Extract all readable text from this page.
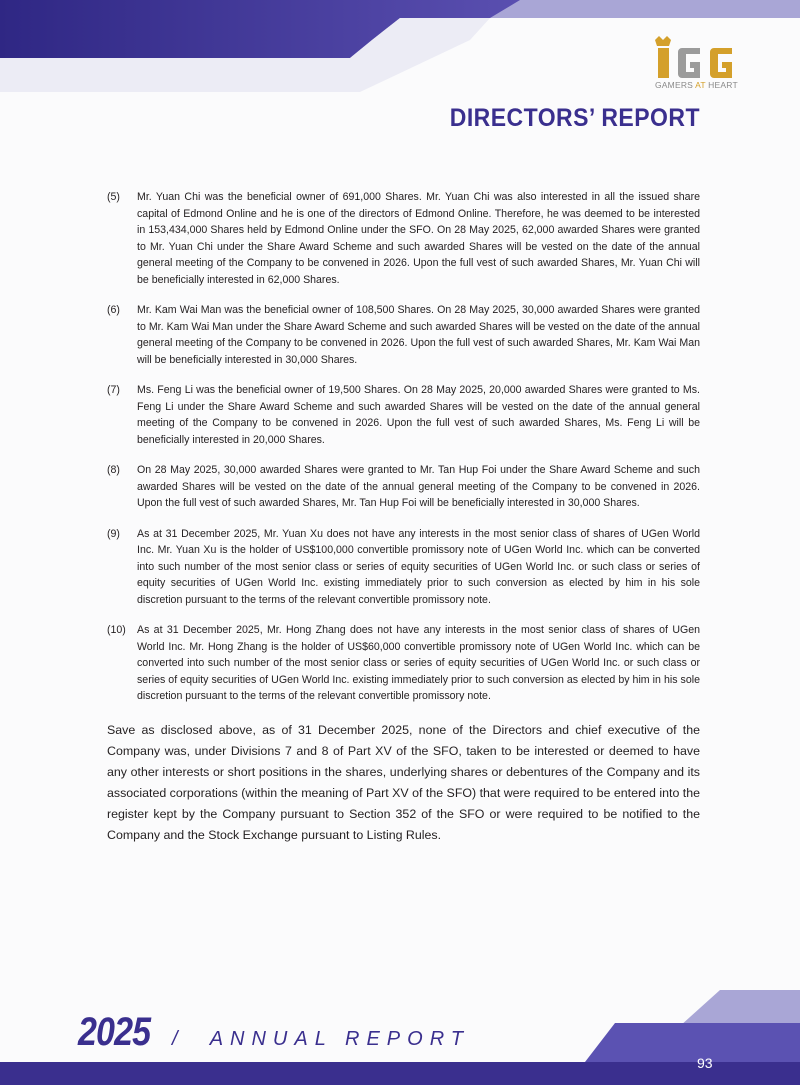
GAMERS AT HEART
DIRECTORS’ REPORT
(5)	Mr. Yuan Chi was the beneficial owner of 691,000 Shares. Mr. Yuan Chi was also interested in all the issued share capital of Edmond Online and he is one of the directors of Edmond Online. Therefore, he was deemed to be interested in 153,434,000 Shares held by Edmond Online under the SFO. On 28 May 2025, 62,000 awarded Shares were granted to Mr. Yuan Chi under the Share Award Scheme and such awarded Shares will be vested on the date of the annual general meeting of the Company to be convened in 2026. Upon the full vest of such awarded Shares, Mr. Yuan Chi will be beneficially interested in 62,000 Shares.
(6)	Mr. Kam Wai Man was the beneficial owner of 108,500 Shares. On 28 May 2025, 30,000 awarded Shares were granted to Mr. Kam Wai Man under the Share Award Scheme and such awarded Shares will be vested on the date of the annual general meeting of the Company to be convened in 2026. Upon the full vest of such awarded Shares, Mr. Kam Wai Man will be beneficially interested in 30,000 Shares.
(7)	Ms. Feng Li was the beneficial owner of 19,500 Shares. On 28 May 2025, 20,000 awarded Shares were granted to Ms. Feng Li under the Share Award Scheme and such awarded Shares will be vested on the date of the annual general meeting of the Company to be convened in 2026. Upon the full vest of such awarded Shares, Ms. Feng Li will be beneficially interested in 20,000 Shares.
(8)	On 28 May 2025, 30,000 awarded Shares were granted to Mr. Tan Hup Foi under the Share Award Scheme and such awarded Shares will be vested on the date of the annual general meeting of the Company to be convened in 2026. Upon the full vest of such awarded Shares, Mr. Tan Hup Foi will be beneficially interested in 30,000 Shares.
(9)	As at 31 December 2025, Mr. Yuan Xu does not have any interests in the most senior class of shares of UGen World Inc. Mr. Yuan Xu is the holder of US$100,000 convertible promissory note of UGen World Inc. which can be converted into such number of the most senior class or series of equity securities of UGen World Inc. or such class or series of equity securities of UGen World Inc. existing immediately prior to such conversion as elected by him in his sole discretion pursuant to the terms of the relevant convertible promissory note.
(10)	As at 31 December 2025, Mr. Hong Zhang does not have any interests in the most senior class of shares of UGen World Inc. Mr. Hong Zhang is the holder of US$60,000 convertible promissory note of UGen World Inc. which can be converted into such number of the most senior class or series of equity securities of UGen World Inc. or such class or series of equity securities of UGen World Inc. existing immediately prior to such conversion as elected by him in his sole discretion pursuant to the terms of the relevant convertible promissory note.
Save as disclosed above, as of 31 December 2025, none of the Directors and chief executive of the Company was, under Divisions 7 and 8 of Part XV of the SFO, taken to be interested or deemed to have any other interests or short positions in the shares, underlying shares or debentures of the Company and its associated corporations (within the meaning of Part XV of the SFO) that were required to be entered into the register kept by the Company pursuant to Section 352 of the SFO or were required to be notified to the Company and the Stock Exchange pursuant to Listing Rules.
2025 / ANNUAL REPORT
93
